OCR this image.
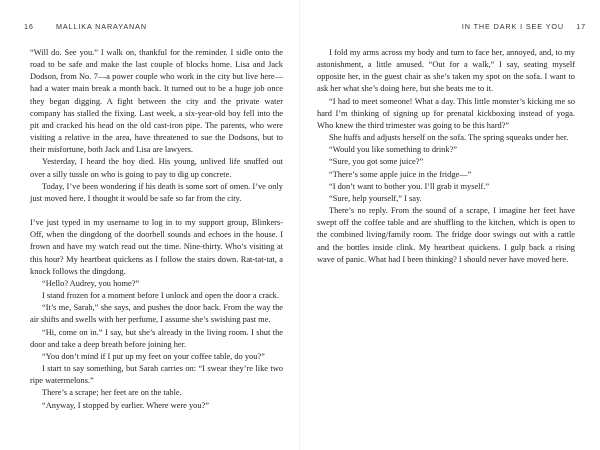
16	MALLIKA NARAYANAN

“Will do. See you.” I walk on, thankful for the reminder. I sidle onto the road to be safe and make the last couple of blocks home. Lisa and Jack Dodson, from No. 7—a power couple who work in the city but live here—had a water main break a month back. It turned out to be a huge job once they began digging. A fight between the city and the private water company has stalled the fixing. Last week, a six-year-old boy fell into the pit and cracked his head on the old cast-iron pipe. The parents, who were visiting a relative in the area, have threatened to sue the Dodsons, but to their misfortune, both Jack and Lisa are lawyers.

Yesterday, I heard the boy died. His young, unlived life snuffed out over a silly tussle on who is going to pay to dig up concrete.

Today, I’ve been wondering if his death is some sort of omen. I’ve only just moved here. I thought it would be safe so far from the city.

I’ve just typed in my username to log in to my support group, Blinkers-Off, when the dingdong of the doorbell sounds and echoes in the house. I frown and have my watch read out the time. Nine-thirty. Who’s visiting at this hour? My heartbeat quickens as I follow the stairs down. Rat-tat-tat, a knock follows the dingdong.

“Hello? Audrey, you home?”

I stand frozen for a moment before I unlock and open the door a crack.

“It’s me, Sarah,” she says, and pushes the door back. From the way the air shifts and swells with her perfume, I assume she’s swishing past me.

“Hi, come on in.” I say, but she’s already in the living room. I shut the door and take a deep breath before joining her.

“You don’t mind if I put up my feet on your coffee table, do you?”

I start to say something, but Sarah carries on: “I swear they’re like two ripe watermelons.”

There’s a scrape; her feet are on the table.

“Anyway, I stopped by earlier. Where were you?”

IN THE DARK I SEE YOU 17

I fold my arms across my body and turn to face her, annoyed, and, to my astonishment, a little amused. “Out for a walk,” I say, seating myself opposite her, in the guest chair as she’s taken my spot on the sofa. I want to ask her what she’s doing here, but she beats me to it.

“I had to meet someone! What a day. This little monster’s kicking me so hard I’m thinking of signing up for prenatal kickboxing instead of yoga. Who knew the third trimester was going to be this hard?”

She huffs and adjusts herself on the sofa. The spring squeaks under her.

“Would you like something to drink?”

“Sure, you got some juice?”

“There’s some apple juice in the fridge—”

“I don’t want to bother you. I’ll grab it myself.”

“Sure, help yourself,” I say.

There’s no reply. From the sound of a scrape, I imagine her feet have swept off the coffee table and are shuffling to the kitchen, which is open to the combined living/family room. The fridge door swings out with a rattle and the bottles inside clink. My heartbeat quickens. I gulp back a rising wave of panic. What had I been thinking? I should never have moved here.
